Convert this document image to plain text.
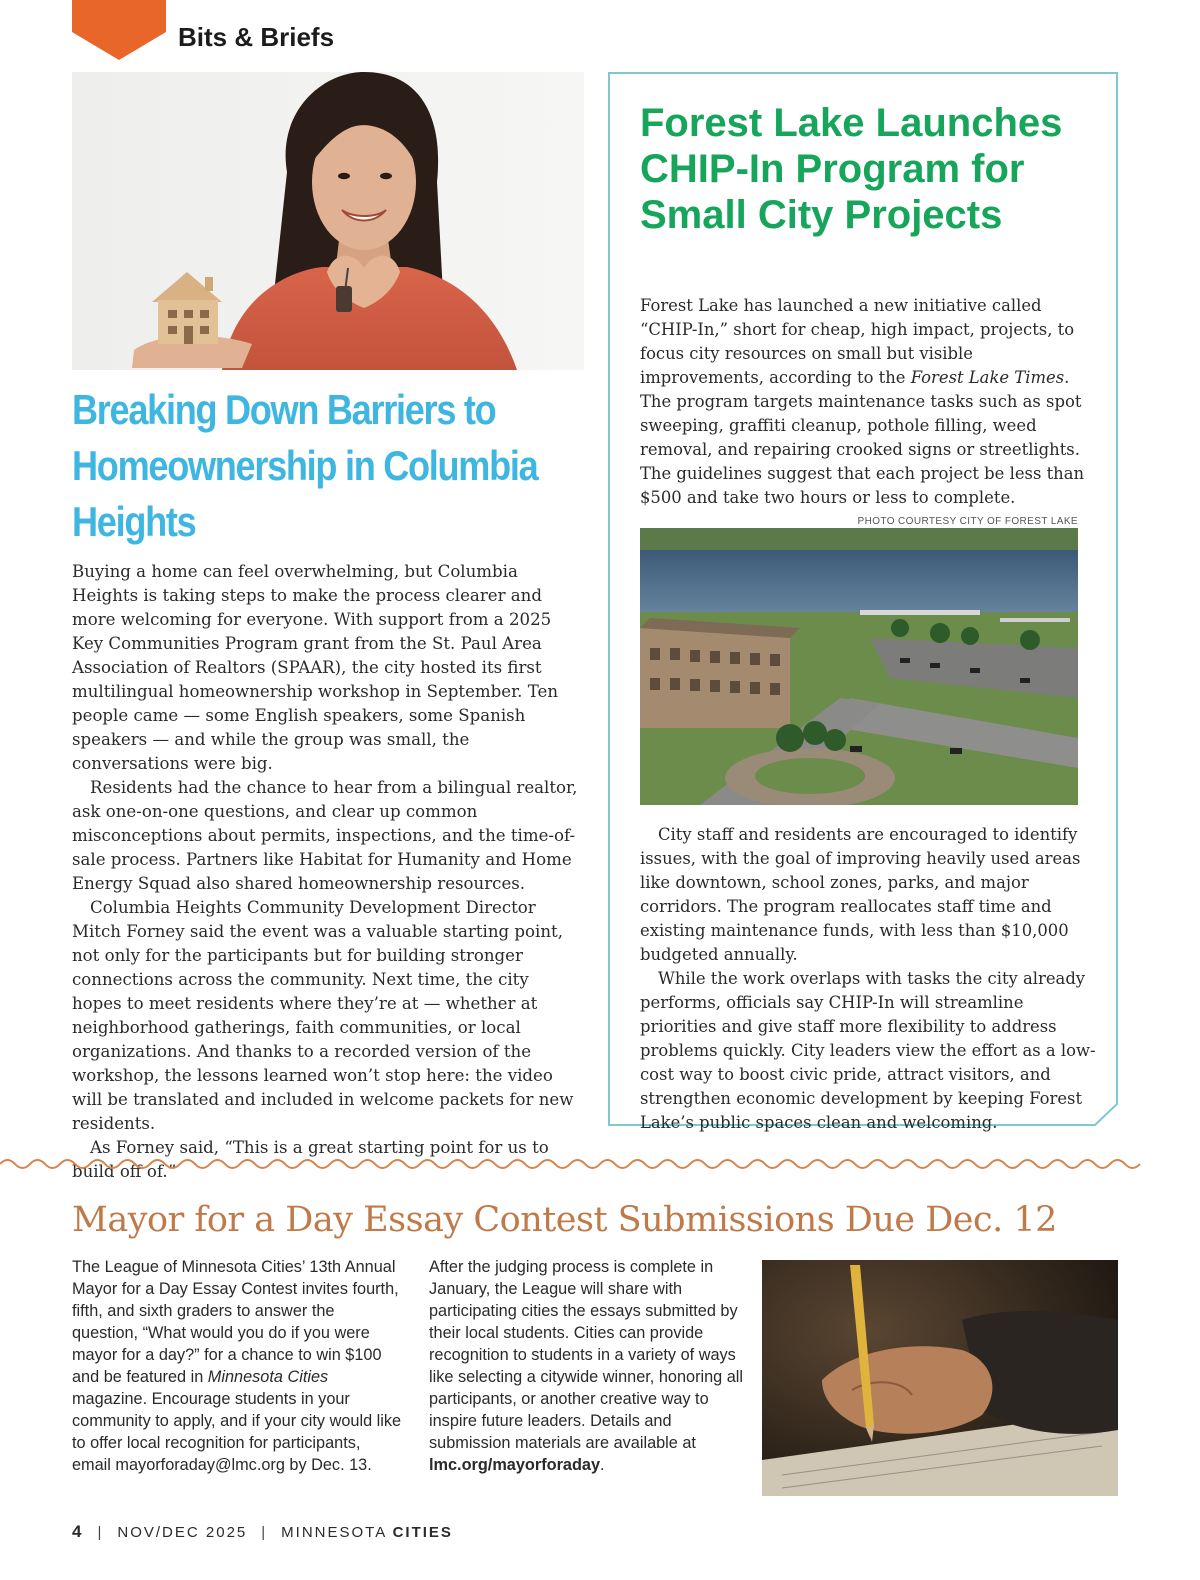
Bits & Briefs
Breaking Down Barriers to Homeownership in Columbia Heights

Buying a home can feel overwhelming, but Columbia Heights is taking steps to make the process clearer and more welcoming for everyone. With support from a 2025 Key Communities Program grant from the St. Paul Area Association of Realtors (SPAAR), the city hosted its first multilingual homeownership workshop in September. Ten people came — some English speakers, some Spanish speakers — and while the group was small, the conversations were big.

Residents had the chance to hear from a bilingual realtor, ask one-on-one questions, and clear up common misconceptions about permits, inspections, and the time-of-sale process. Partners like Habitat for Humanity and Home Energy Squad also shared homeownership resources.

Columbia Heights Community Development Director Mitch Forney said the event was a valuable starting point, not only for the participants but for building stronger connections across the community. Next time, the city hopes to meet residents where they’re at — whether at neighborhood gatherings, faith communities, or local organizations. And thanks to a recorded version of the workshop, the lessons learned won’t stop here: the video will be translated and included in welcome packets for new residents.

As Forney said, “This is a great starting point for us to build off of.”

Forest Lake Launches CHIP-In Program for Small City Projects

Forest Lake has launched a new initiative called “CHIP-In,” short for cheap, high impact, projects, to focus city resources on small but visible improvements, according to the Forest Lake Times. The program targets maintenance tasks such as spot sweeping, graffiti cleanup, pothole filling, weed removal, and repairing crooked signs or streetlights. The guidelines suggest that each project be less than $500 and take two hours or less to complete.

PHOTO COURTESY CITY OF FOREST LAKE

City staff and residents are encouraged to identify issues, with the goal of improving heavily used areas like downtown, school zones, parks, and major corridors. The program reallocates staff time and existing maintenance funds, with less than $10,000 budgeted annually.

While the work overlaps with tasks the city already performs, officials say CHIP-In will streamline priorities and give staff more flexibility to address problems quickly. City leaders view the effort as a low-cost way to boost civic pride, attract visitors, and strengthen economic development by keeping Forest Lake’s public spaces clean and welcoming.

Mayor for a Day Essay Contest Submissions Due Dec. 12

The League of Minnesota Cities’ 13th Annual Mayor for a Day Essay Contest invites fourth, fifth, and sixth graders to answer the question, “What would you do if you were mayor for a day?” for a chance to win $100 and be featured in Minnesota Cities magazine. Encourage students in your community to apply, and if your city would like to offer local recognition for participants, email mayorforaday@lmc.org by Dec. 13.

After the judging process is complete in January, the League will share with participating cities the essays submitted by their local students. Cities can provide recognition to students in a variety of ways like selecting a citywide winner, honoring all participants, or another creative way to inspire future leaders. Details and submission materials are available at lmc.org/mayorforaday.

4 | NOV/DEC 2025 | MINNESOTA CITIES
